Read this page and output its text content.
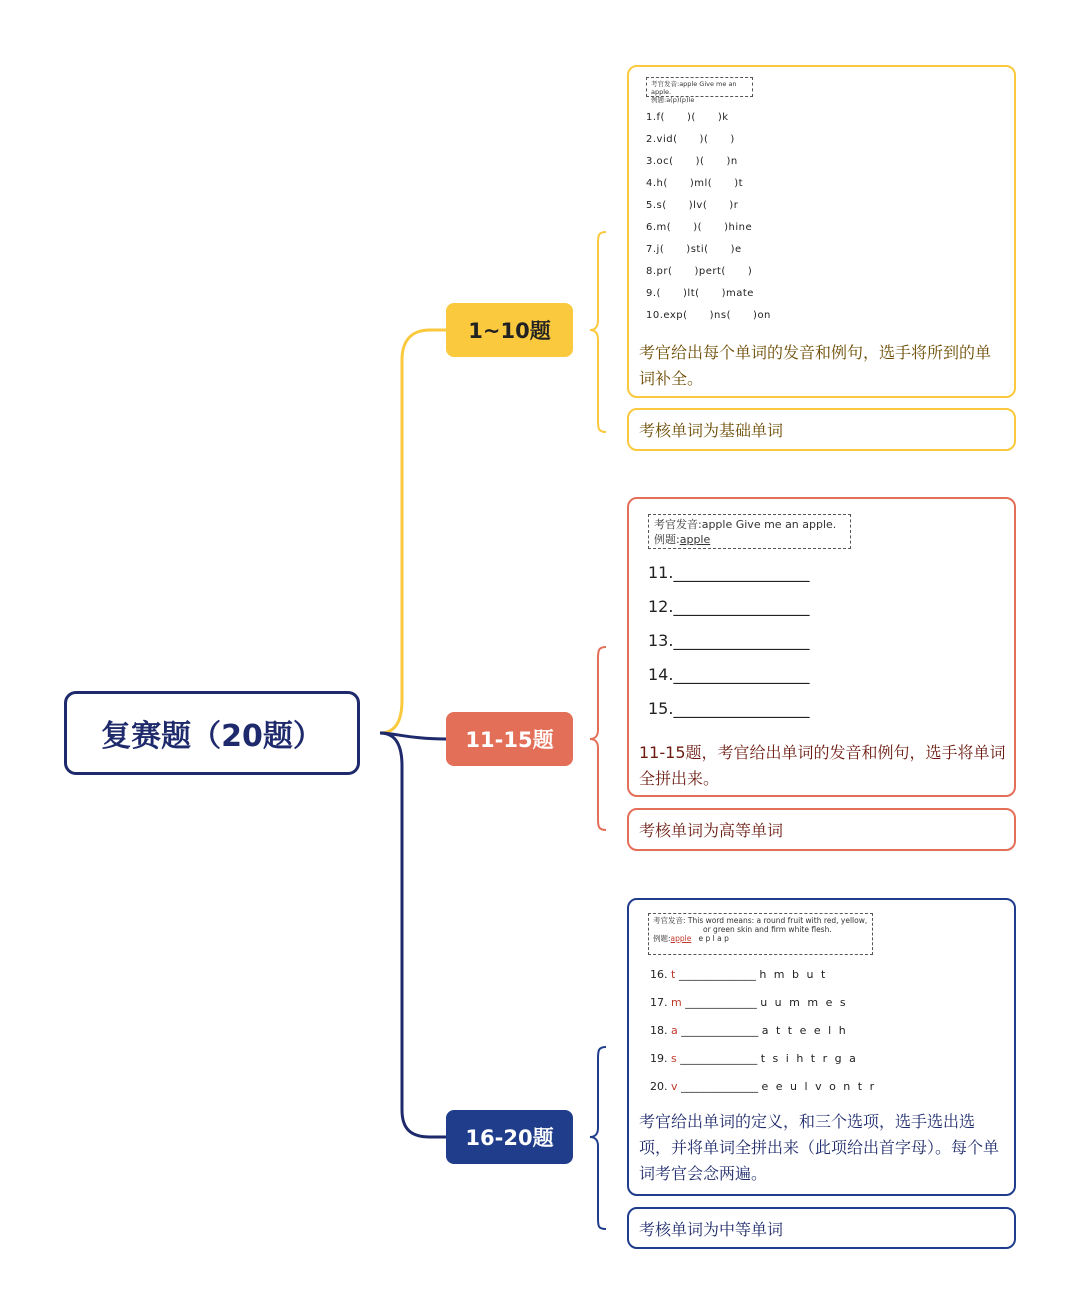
复赛题（20题）
1~10题
11-15题
16-20题
考官发音:apple Give me an apple.
例题:a(p)(p)le
1.f(      )(      )k
2.vid(      )(      )
3.oc(      )(      )n
4.h(      )ml(      )t
5.s(      )lv(      )r
6.m(      )(      )hine
7.j(      )sti(      )e
8.pr(      )pert(      )
9.(      )lt(      )mate
10.exp(      )ns(      )on
考官给出每个单词的发音和例句，选手将所到的单词补全。
考核单词为基础单词
考官发音:apple Give me an apple.
例题:apple
11._________________
12._________________
13._________________
14._________________
15._________________
11-15题，考官给出单词的发音和例句，选手将单词全拼出来。
考核单词为高等单词
考官发音: This word means: a round fruit with red, yellow,
or green skin and firm white flesh.
例题:apple e p l a p
16. t ______________ h m b u t
17. m _____________ u u m m e s
18. a ______________ a t t e e l h
19. s ______________ t s i h t r g a
20. v ______________ e e u l v o n t r
考官给出单词的定义，和三个选项，选手选出选项，并将单词全拼出来（此项给出首字母）。每个单词考官会念两遍。
考核单词为中等单词
